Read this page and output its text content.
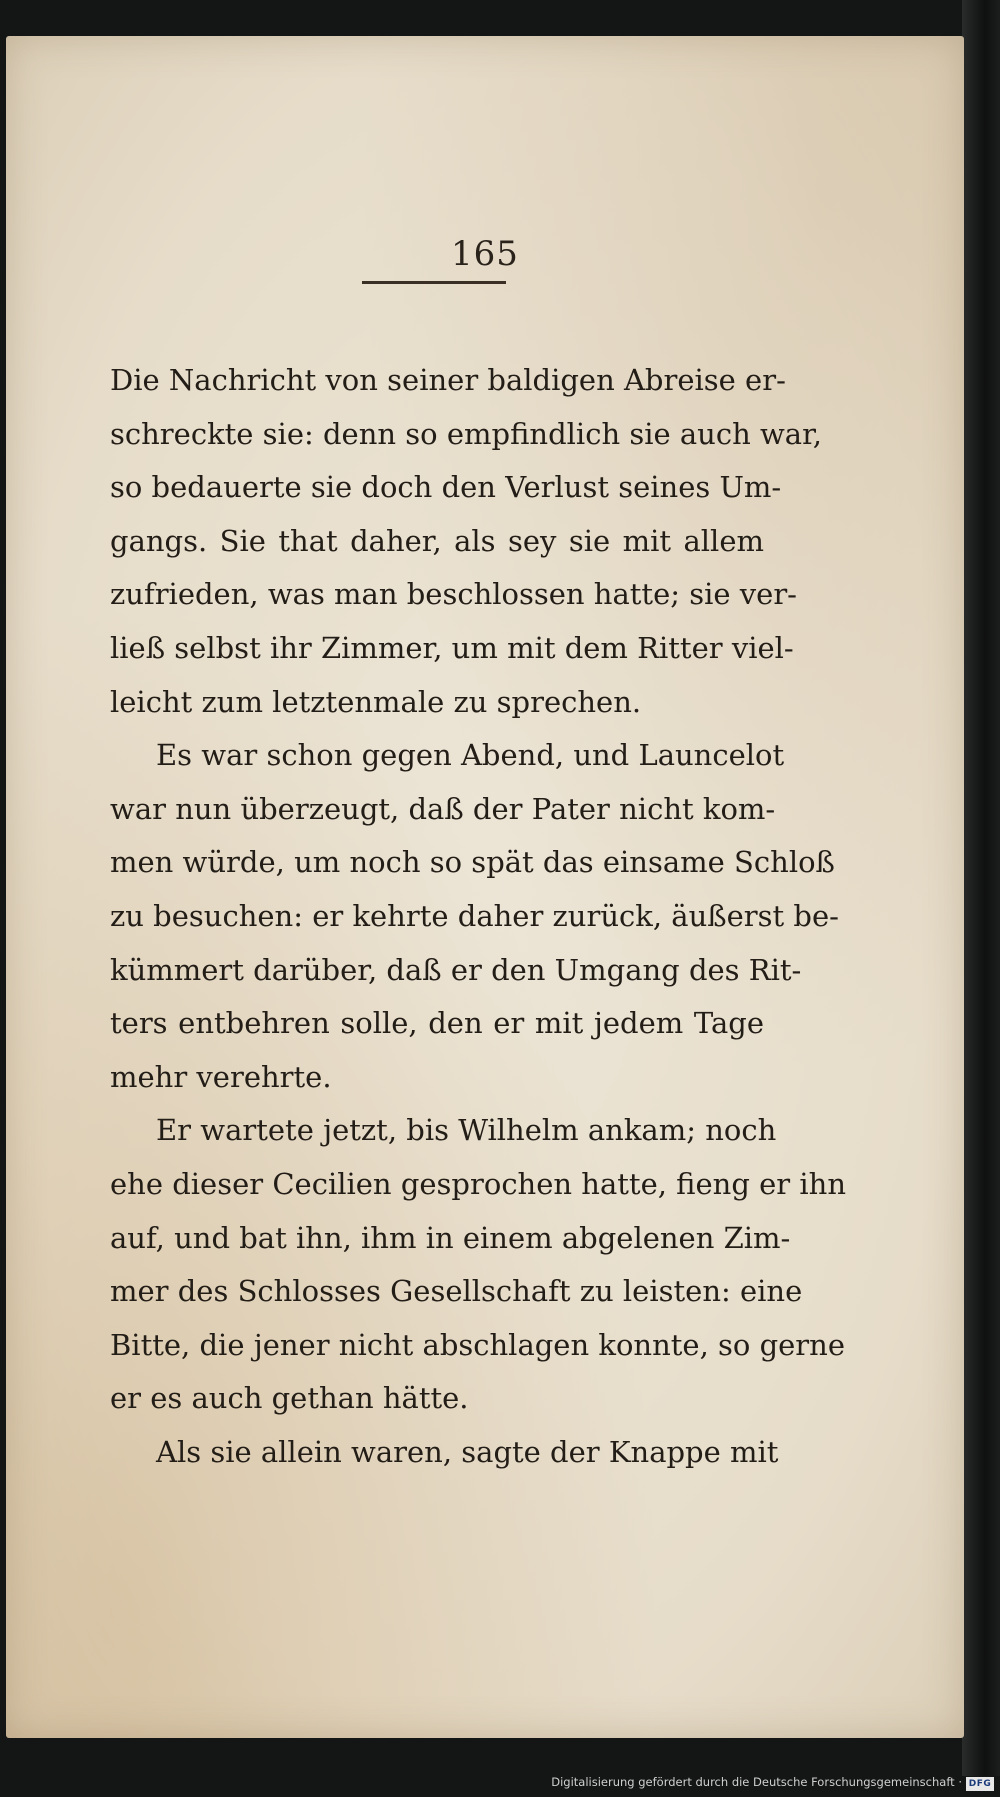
165
Die Nachricht von seiner baldigen Abreise er-
schreckte sie: denn so empfindlich sie auch war,
so bedauerte sie doch den Verlust seines Um-
gangs. Sie that daher, als sey sie mit allem
zufrieden, was man beschlossen hatte; sie ver-
ließ selbst ihr Zimmer, um mit dem Ritter viel-
leicht zum letztenmale zu sprechen.
Es war schon gegen Abend, und Launcelot
war nun überzeugt, daß der Pater nicht kom-
men würde, um noch so spät das einsame Schloß
zu besuchen: er kehrte daher zurück, äußerst be-
kümmert darüber, daß er den Umgang des Rit-
ters entbehren solle, den er mit jedem Tage
mehr verehrte.
Er wartete jetzt, bis Wilhelm ankam; noch
ehe dieser Cecilien gesprochen hatte, fieng er ihn
auf, und bat ihn, ihm in einem abgelenen Zim-
mer des Schlosses Gesellschaft zu leisten: eine
Bitte, die jener nicht abschlagen konnte, so gerne
er es auch gethan hätte.
Als sie allein waren, sagte der Knappe mit
Digitalisierung gefördert durch die Deutsche Forschungsgemeinschaft · DFG
